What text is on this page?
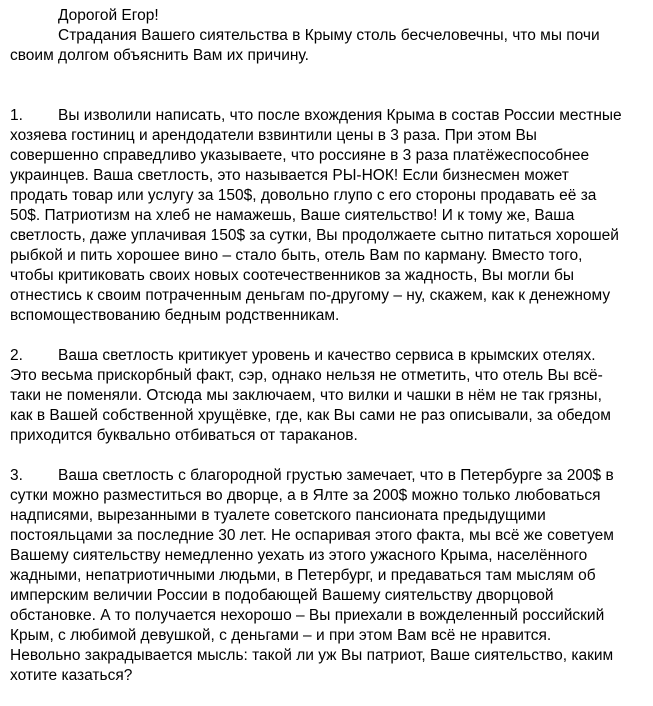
Дорогой Егор!

Страдания Вашего сиятельства в Крыму столь бесчеловечны, что мы почи своим долгом объяснить Вам их причину.

1. Вы изволили написать, что после вхождения Крыма в состав России местные хозяева гостиниц и арендодатели взвинтили цены в 3 раза. При этом Вы совершенно справедливо указываете, что россияне в 3 раза платёжеспособнее украинцев. Ваша светлость, это называется РЫ-НОК! Если бизнесмен может продать товар или услугу за 150$, довольно глупо с его стороны продавать её за 50$. Патриотизм на хлеб не намажешь, Ваше сиятельство! И к тому же, Ваша светлость, даже уплачивая 150$ за сутки, Вы продолжаете сытно питаться хорошей рыбкой и пить хорошее вино – стало быть, отель Вам по карману. Вместо того, чтобы критиковать своих новых соотечественников за жадность, Вы могли бы отнестись к своим потраченным деньгам по-другому – ну, скажем, как к денежному вспомоществованию бедным родственникам.

2. Ваша светлость критикует уровень и качество сервиса в крымских отелях. Это весьма прискорбный факт, сэр, однако нельзя не отметить, что отель Вы всё-таки не поменяли. Отсюда мы заключаем, что вилки и чашки в нём не так грязны, как в Вашей собственной хрущёвке, где, как Вы сами не раз описывали, за обедом приходится буквально отбиваться от тараканов.

3. Ваша светлость с благородной грустью замечает, что в Петербурге за 200$ в сутки можно разместиться во дворце, а в Ялте за 200$ можно только любоваться надписями, вырезанными в туалете советского пансионата предыдущими постояльцами за последние 30 лет. Не оспаривая этого факта, мы всё же советуем Вашему сиятельству немедленно уехать из этого ужасного Крыма, населённого жадными, непатриотичными людьми, в Петербург, и предаваться там мыслям об имперским величии России в подобающей Вашему сиятельству дворцовой обстановке. А то получается нехорошо – Вы приехали в вожделенный российский Крым, с любимой девушкой, с деньгами – и при этом Вам всё не нравится. Невольно закрадывается мысль: такой ли уж Вы патриот, Ваше сиятельство, каким хотите казаться?
